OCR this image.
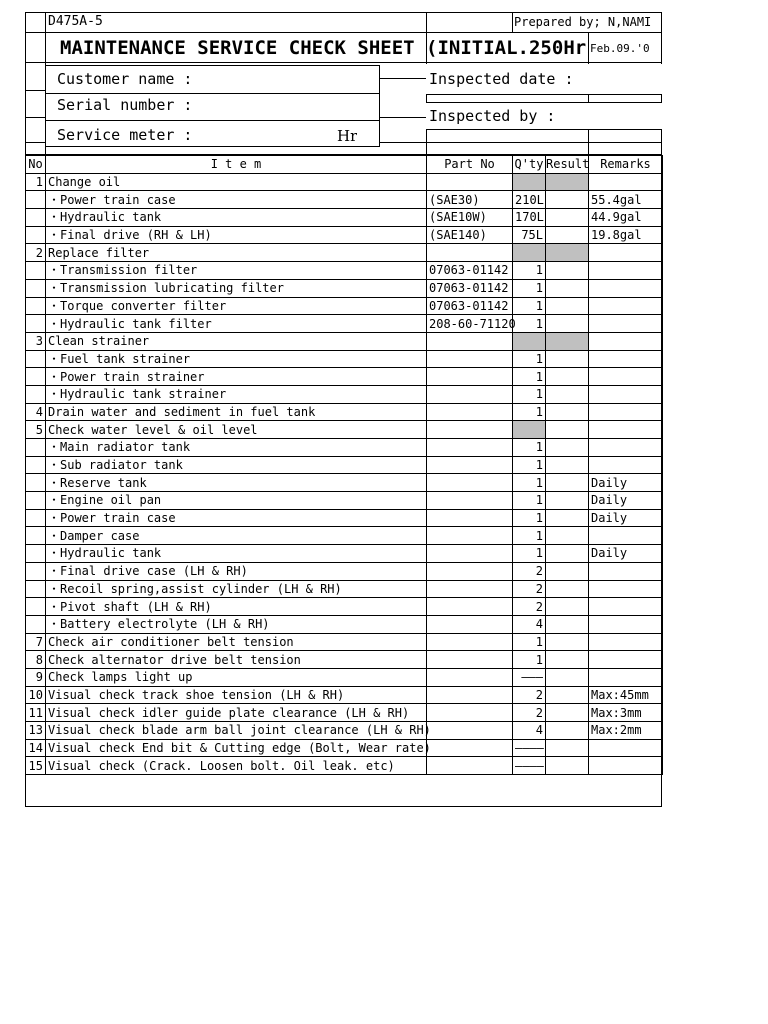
D475A-5	Prepared by; N,NAMI
MAINTENANCE SERVICE CHECK SHEET (INITIAL.250Hr Feb.09.'0
Customer name :
Serial number :
Service meter :	Hr
Inspected date :
Inspected by :
No	I t e m	Part No	Q'ty	Result	Remarks
1	Change oil				
	・Power train case	(SAE30)	210L		55.4gal
	・Hydraulic tank	(SAE10W)	170L		44.9gal
	・Final drive (RH & LH)	(SAE140)	75L		19.8gal
2	Replace filter				
	・Transmission filter	07063-01142	1		
	・Transmission lubricating filter	07063-01142	1		
	・Torque converter filter	07063-01142	1		
	・Hydraulic tank filter	208-60-71120	1		
3	Clean strainer				
	・Fuel tank strainer		1		
	・Power train strainer		1		
	・Hydraulic tank strainer		1		
4	Drain water and sediment in fuel tank		1		
5	Check water level & oil level				
	・Main radiator tank		1		
	・Sub radiator tank		1		
	・Reserve tank		1		Daily
	・Engine oil pan		1		Daily
	・Power train case		1		Daily
	・Damper case		1		
	・Hydraulic tank		1		Daily
	・Final drive case (LH & RH)		2		
	・Recoil spring,assist cylinder (LH & RH)		2		
	・Pivot shaft (LH & RH)		2		
	・Battery electrolyte (LH & RH)		4		
7	Check air conditioner belt tension		1		
8	Check alternator drive belt tension		1		
9	Check lamps light up		———		
10	Visual check track shoe tension (LH & RH)		2		Max:45mm
11	Visual check idler guide plate clearance (LH & RH)		2		Max:3mm
13	Visual check blade arm ball joint clearance (LH & RH)		4		Max:2mm
14	Visual check End bit & Cutting edge (Bolt, Wear rate)		————		
15	Visual check (Crack. Loosen bolt. Oil leak. etc)		————		
